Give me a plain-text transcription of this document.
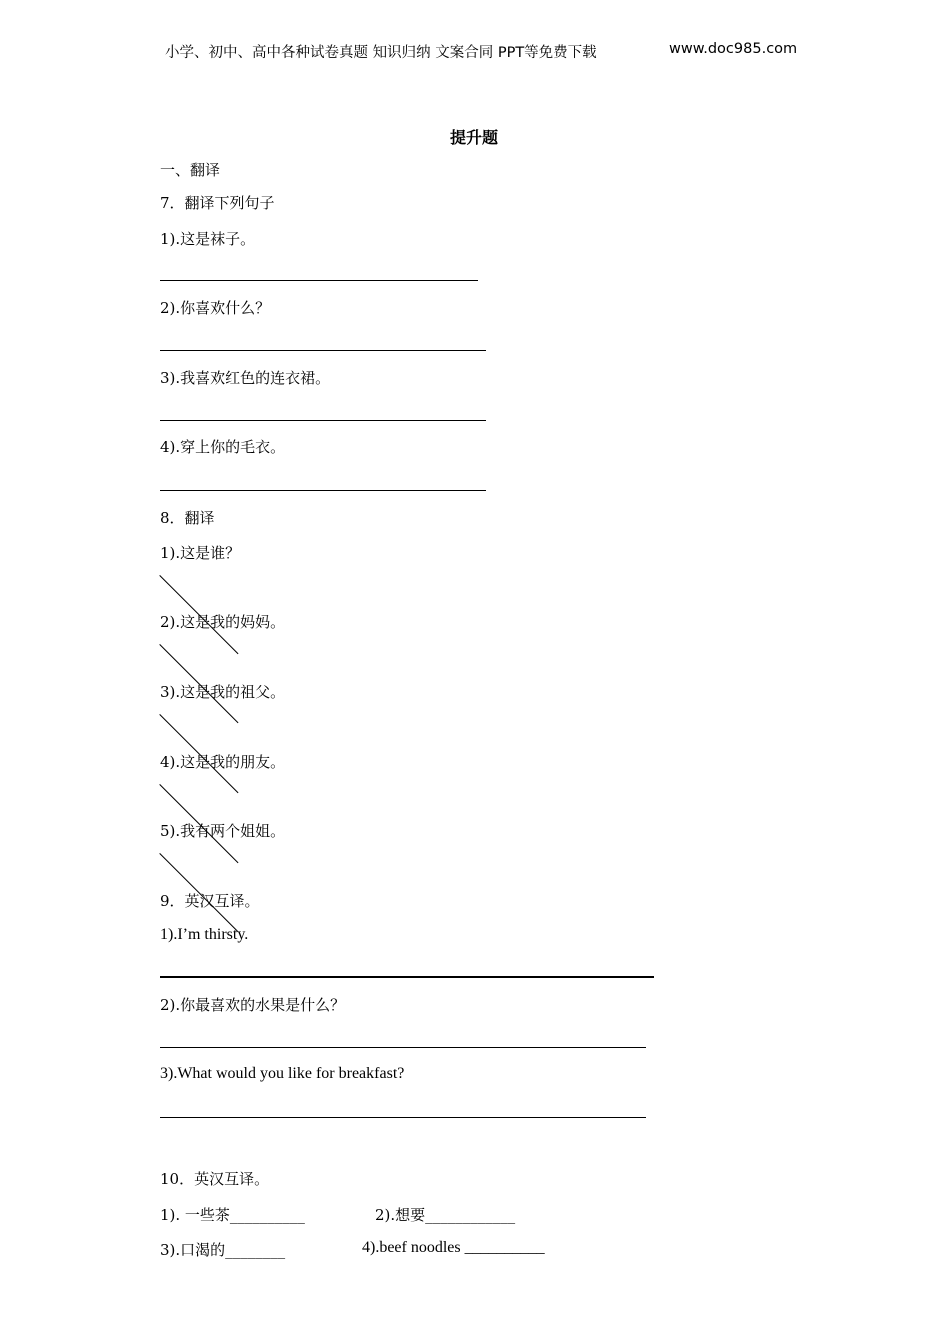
小学、初中、高中各种试卷真题 知识归纳 文案合同 PPT等免费下载	www.doc985.com
提升题
一、翻译
7．翻译下列句子
1).这是袜子。
2).你喜欢什么？
3).我喜欢红色的连衣裙。
4).穿上你的毛衣。
8．翻译
1).这是谁？
2).这是我的妈妈。
3).这是我的祖父。
4).这是我的朋友。
5).我有两个姐姐。
9．英汉互译。
1).I’m thirsty.
2).你最喜欢的水果是什么？
3).What would you like for breakfast?
10．英汉互译。
1). 一些茶__________	2).想要____________
3).口渴的________	4).beef noodles __________
